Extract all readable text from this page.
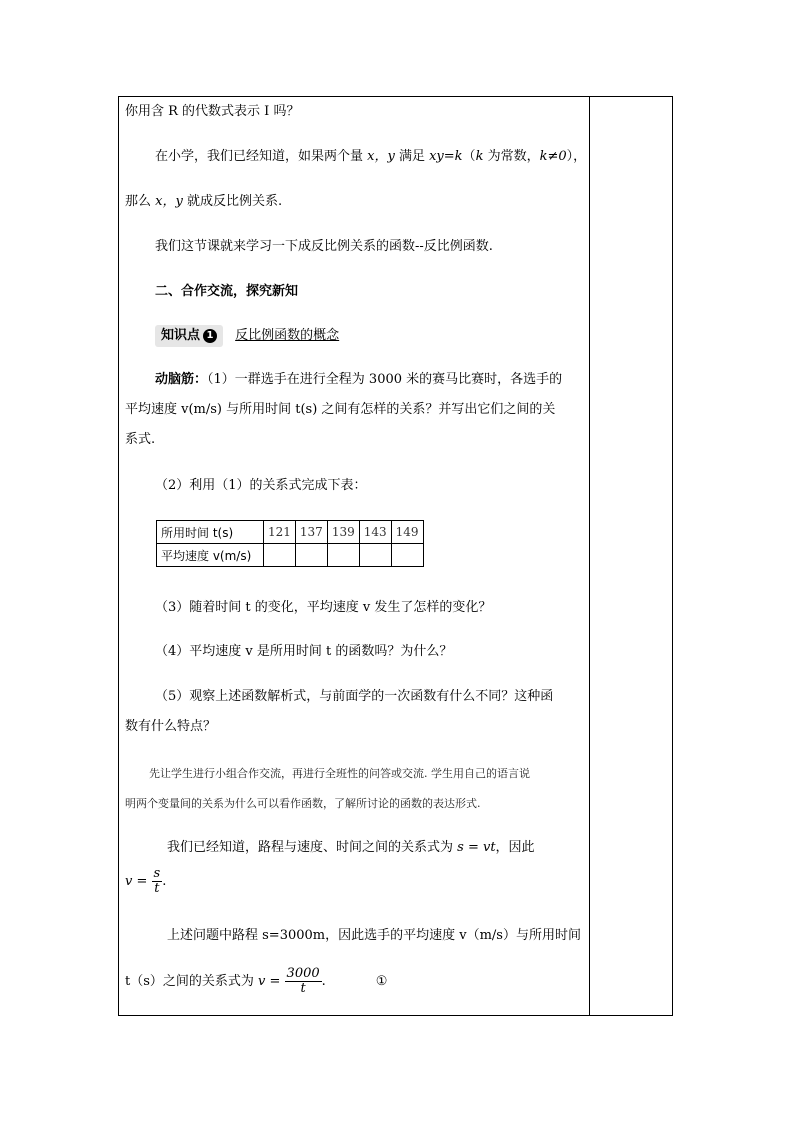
你用含 R 的代数式表示 I 吗？
在小学，我们已经知道，如果两个量 x，y 满足 xy=k（k 为常数，k≠0），
那么 x，y 就成反比例关系.
我们这节课就来学习一下成反比例关系的函数--反比例函数.
二、合作交流，探究新知
知识点 1 反比例函数的概念
动脑筋：（1）一群选手在进行全程为 3000 米的赛马比赛时，各选手的
平均速度 v(m/s) 与所用时间 t(s) 之间有怎样的关系？并写出它们之间的关
系式.
（2）利用（1）的关系式完成下表：
所用时间 t(s)	121	137	139	143	149
平均速度 v(m/s)					
（3）随着时间 t 的变化，平均速度 v 发生了怎样的变化？
（4）平均速度 v 是所用时间 t 的函数吗？为什么？
（5）观察上述函数解析式，与前面学的一次函数有什么不同？这种函
数有什么特点？
先让学生进行小组合作交流，再进行全班性的问答或交流. 学生用自己的语言说
明两个变量间的关系为什么可以看作函数，了解所讨论的函数的表达形式.
我们已经知道，路程与速度、时间之间的关系式为 s = vt，因此
$v = \frac{s}{t}$ .
上述问题中路程 s=3000m，因此选手的平均速度 v（m/s）与所用时间
t（s）之间的关系式为 $v = \frac{3000}{t}$ .	①
